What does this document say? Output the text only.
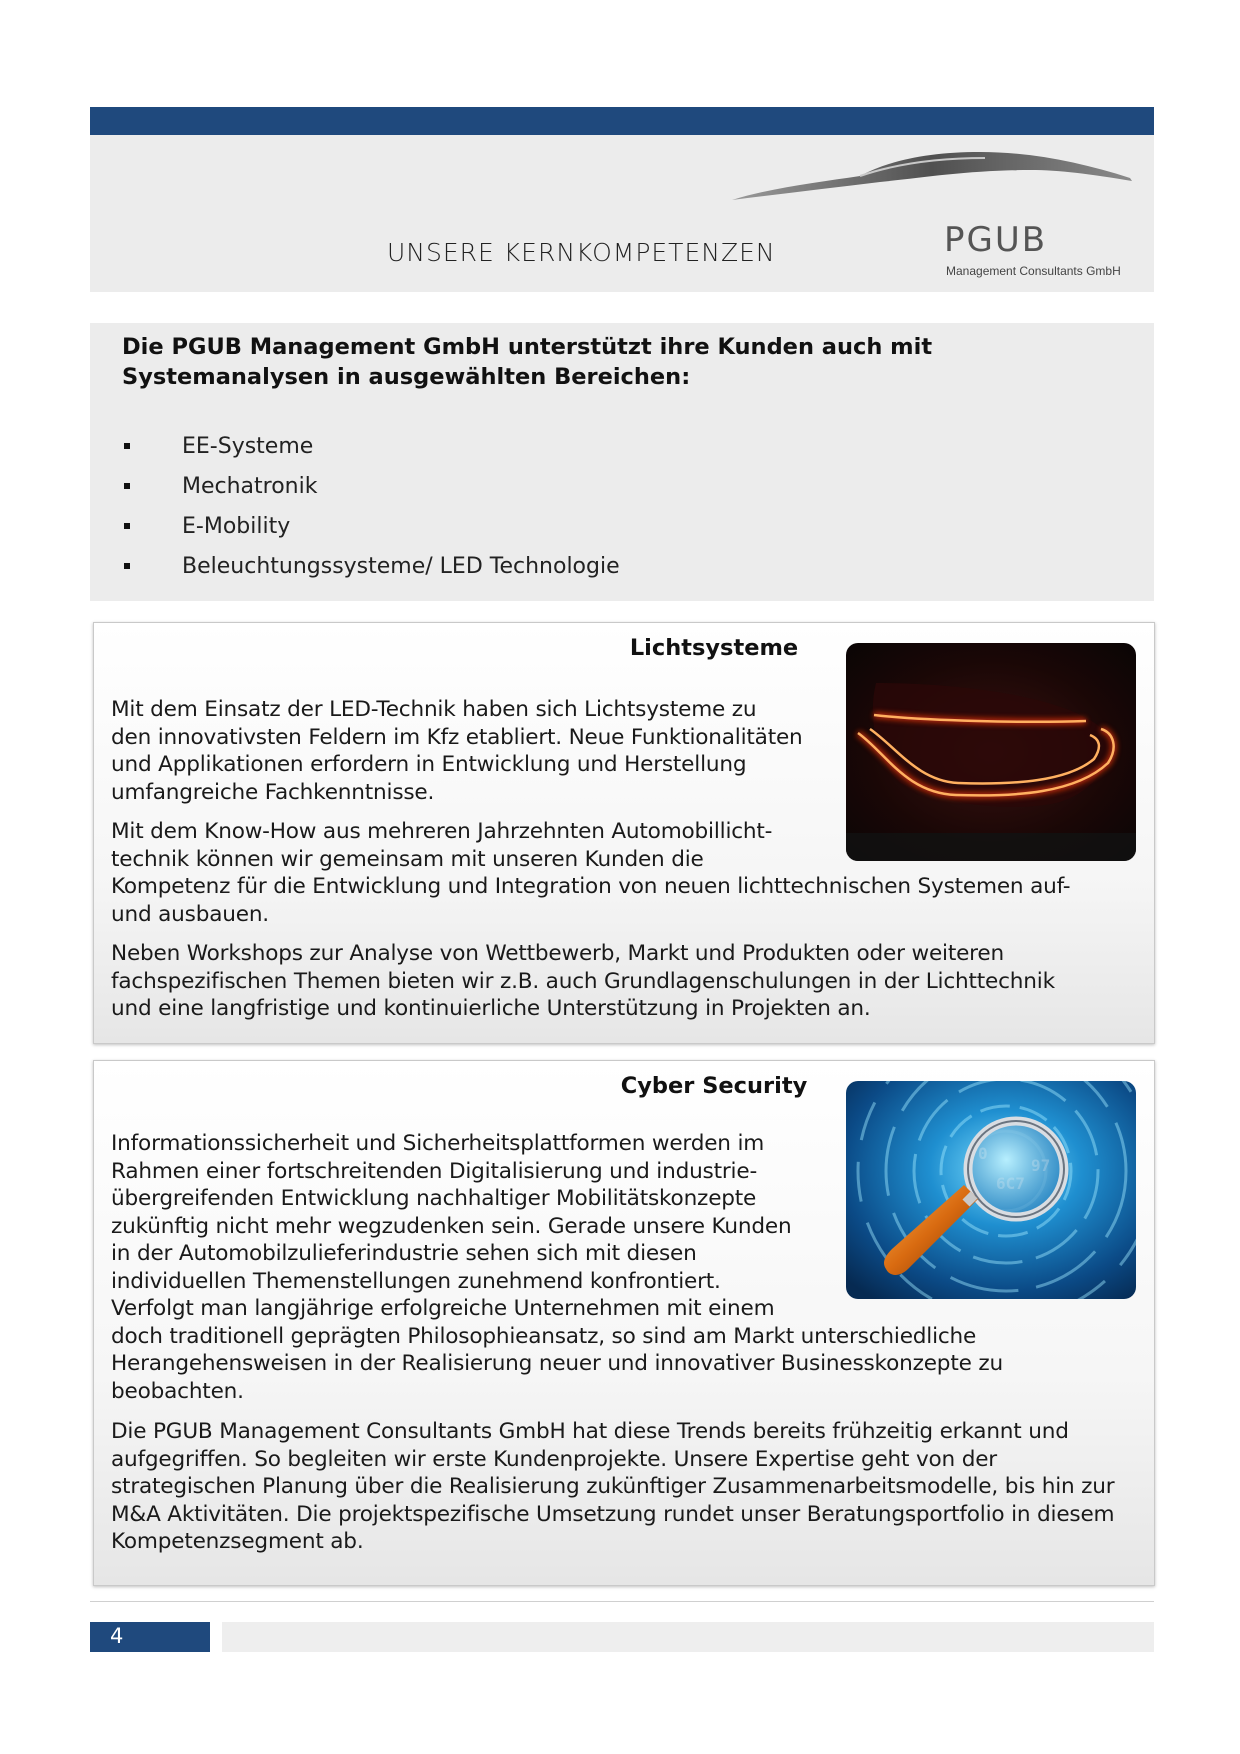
UNSERE KERNKOMPETENZEN	PGUB
Management Consultants GmbH
Die PGUB Management GmbH unterstützt ihre Kunden auch mit Systemanalysen in ausgewählten Bereichen:
EE-Systeme
Mechatronik
E-Mobility
Beleuchtungssysteme/ LED Technologie
Lichtsysteme
Mit dem Einsatz der LED-Technik haben sich Lichtsysteme zu
den innovativsten Feldern im Kfz etabliert. Neue Funktionalitäten
und Applikationen erfordern in Entwicklung und Herstellung
umfangreiche Fachkenntnisse.
Mit dem Know-How aus mehreren Jahrzehnten Automobillicht-
technik können wir gemeinsam mit unseren Kunden die
Kompetenz für die Entwicklung und Integration von neuen lichttechnischen Systemen auf-
und ausbauen.
Neben Workshops zur Analyse von Wettbewerb, Markt und Produkten oder weiteren
fachspezifischen Themen bieten wir z.B. auch Grundlagenschulungen in der Lichttechnik
und eine langfristige und kontinuierliche Unterstützung in Projekten an.
Cyber Security
Informationssicherheit und Sicherheitsplattformen werden im
Rahmen einer fortschreitenden Digitalisierung und industrie-
übergreifenden Entwicklung nachhaltiger Mobilitätskonzepte
zukünftig nicht mehr wegzudenken sein. Gerade unsere Kunden
in der Automobilzulieferindustrie sehen sich mit diesen
individuellen Themenstellungen zunehmend konfrontiert.
Verfolgt man langjährige erfolgreiche Unternehmen mit einem
doch traditionell geprägten Philosophieansatz, so sind am Markt unterschiedliche
Herangehensweisen in der Realisierung neuer und innovativer Businesskonzepte zu
beobachten.
Die PGUB Management Consultants GmbH hat diese Trends bereits frühzeitig erkannt und
aufgegriffen. So begleiten wir erste Kundenprojekte. Unsere Expertise geht von der
strategischen Planung über die Realisierung zukünftiger Zusammenarbeitsmodelle, bis hin zur
M&A Aktivitäten. Die projektspezifische Umsetzung rundet unser Beratungsportfolio in diesem
Kompetenzsegment ab.
4
